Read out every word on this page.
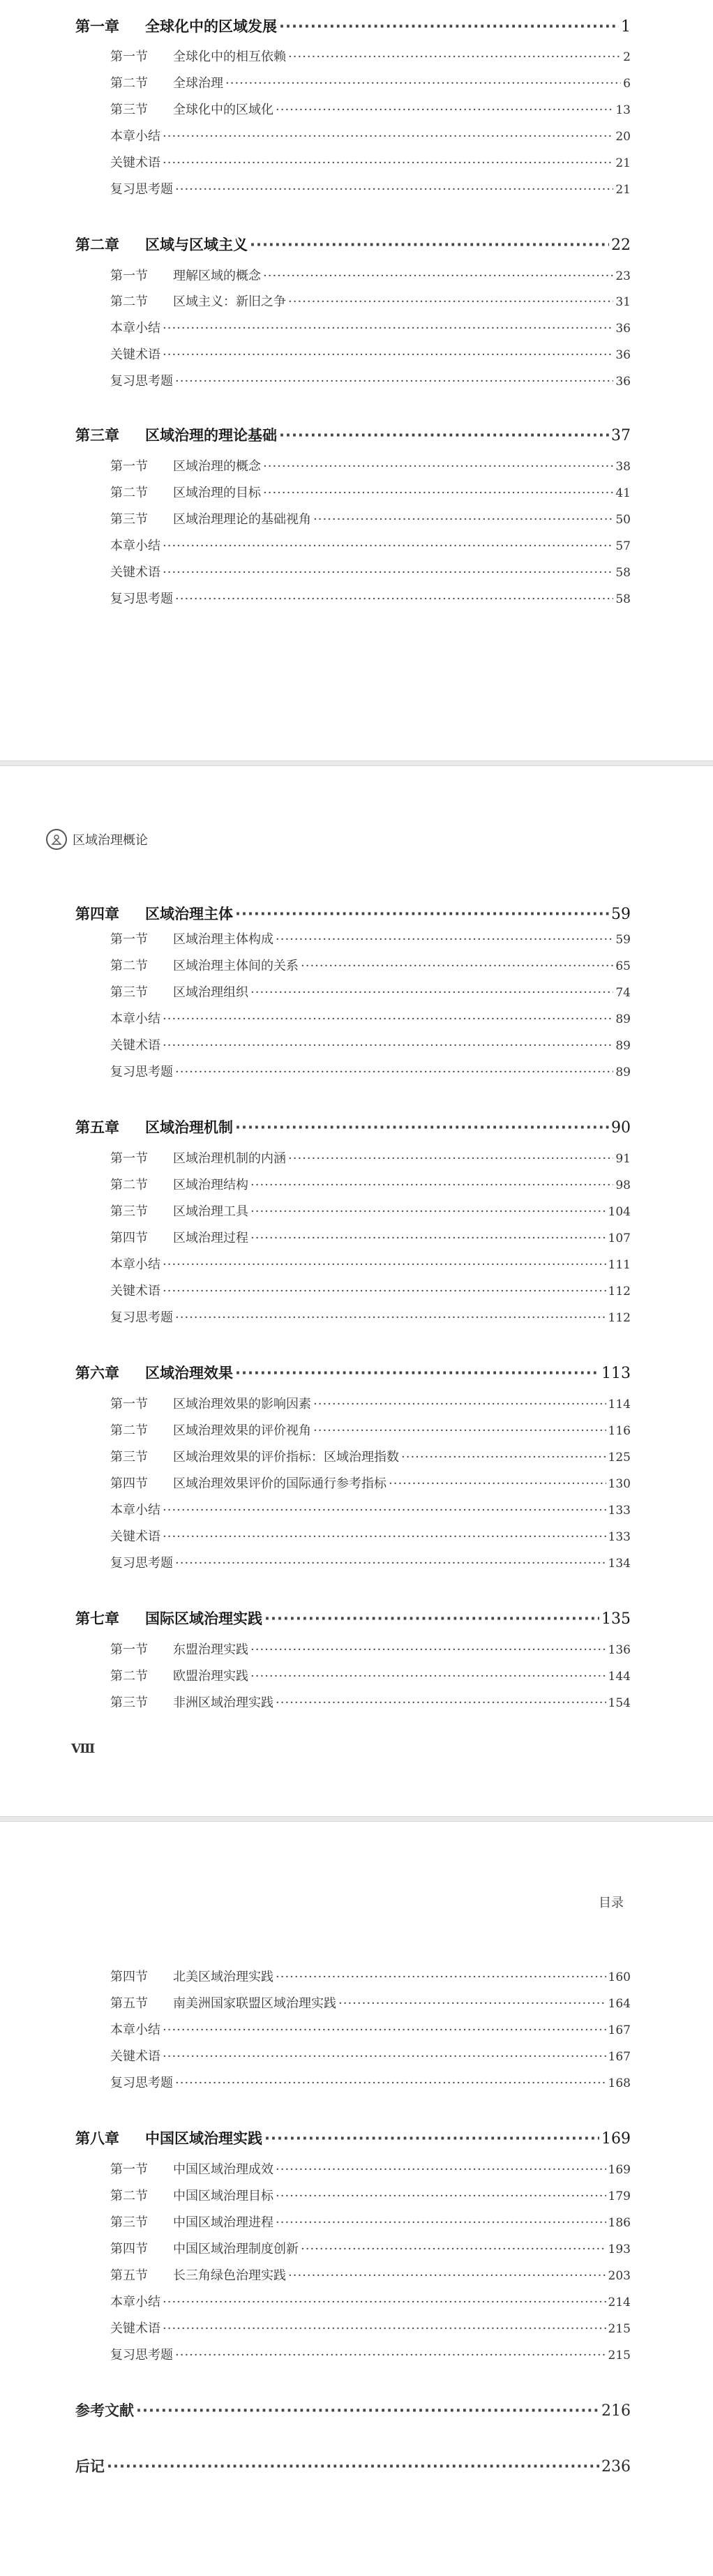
第一章 全球化中的区域发展 ·····	1
第一节 全球化中的相互依赖 ·····	2
第二节 全球治理 ·····	6
第三节 全球化中的区域化 ·····	13
本章小结 ·····	20
关键术语 ·····	21
复习思考题 ·····	21
第二章 区域与区域主义 ·····	22
第一节 理解区域的概念 ·····	23
第二节 区域主义：新旧之争 ·····	31
本章小结 ·····	36
关键术语 ·····	36
复习思考题 ·····	36
第三章 区域治理的理论基础 ·····	37
第一节 区域治理的概念 ·····	38
第二节 区域治理的目标 ·····	41
第三节 区域治理理论的基础视角 ·····	50
本章小结 ·····	57
关键术语 ·····	58
复习思考题 ·····	58
区域治理概论
Ⅷ
第四章 区域治理主体 ·····	59
第一节 区域治理主体构成 ·····	59
第二节 区域治理主体间的关系 ·····	65
第三节 区域治理组织 ·····	74
本章小结 ·····	89
关键术语 ·····	89
复习思考题 ·····	89
第五章 区域治理机制 ·····	90
第一节 区域治理机制的内涵 ·····	91
第二节 区域治理结构 ·····	98
第三节 区域治理工具 ·····	104
第四节 区域治理过程 ·····	107
本章小结 ·····	111
关键术语 ·····	112
复习思考题 ·····	112
第六章 区域治理效果 ·····	113
第一节 区域治理效果的影响因素 ·····	114
第二节 区域治理效果的评价视角 ·····	116
第三节 区域治理效果的评价指标：区域治理指数 ·····	125
第四节 区域治理效果评价的国际通行参考指标 ·····	130
本章小结 ·····	133
关键术语 ·····	133
复习思考题 ·····	134
第七章 国际区域治理实践 ·····	135
第一节 东盟治理实践 ·····	136
第二节 欧盟治理实践 ·····	144
第三节 非洲区域治理实践 ·····	154
目录
第四节 北美区域治理实践 ·····	160
第五节 南美洲国家联盟区域治理实践 ·····	164
本章小结 ·····	167
关键术语 ·····	167
复习思考题 ·····	168
第八章 中国区域治理实践 ·····	169
第一节 中国区域治理成效 ·····	169
第二节 中国区域治理目标 ·····	179
第三节 中国区域治理进程 ·····	186
第四节 中国区域治理制度创新 ·····	193
第五节 长三角绿色治理实践 ·····	203
本章小结 ·····	214
关键术语 ·····	215
复习思考题 ·····	215
参考文献 ·····	216
后记 ·····	236
